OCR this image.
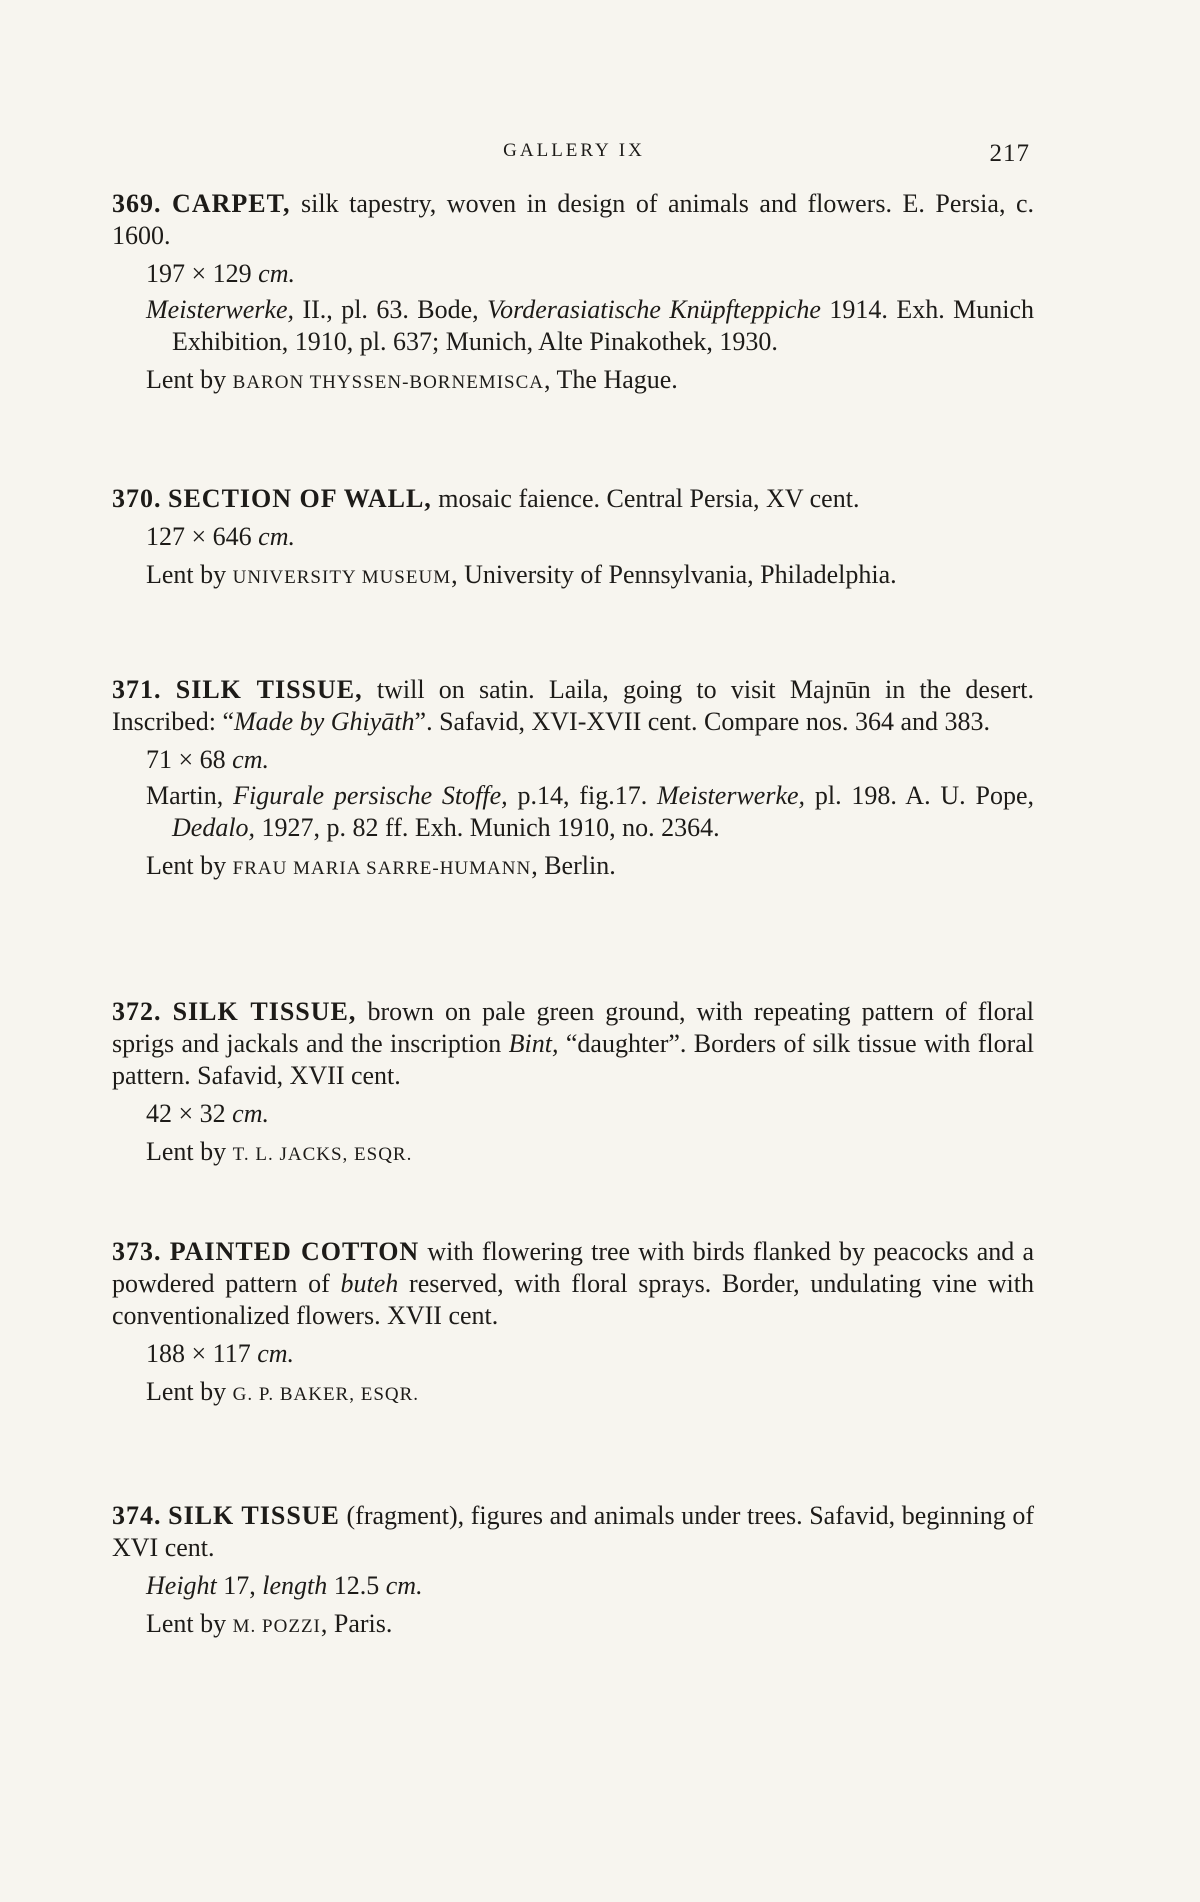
GALLERY IX	217

369. CARPET, silk tapestry, woven in design of animals and flowers. E. Persia, c. 1600.

197 × 129 cm.

Meisterwerke, II., pl. 63. Bode, Vorderasiatische Knüpfteppiche 1914. Exh. Munich Exhibition, 1910, pl. 637; Munich, Alte Pinakothek, 1930.

Lent by BARON THYSSEN-BORNEMISCA, The Hague.

370. SECTION OF WALL, mosaic faience. Central Persia, XV cent.

127 × 646 cm.

Lent by UNIVERSITY MUSEUM, University of Pennsylvania, Philadelphia.

371. SILK TISSUE, twill on satin. Laila, going to visit Majnūn in the desert. Inscribed: “Made by Ghiyāth”. Safavid, XVI-XVII cent. Compare nos. 364 and 383.

71 × 68 cm.

Martin, Figurale persische Stoffe, p.14, fig.17. Meisterwerke, pl. 198. A. U. Pope, Dedalo, 1927, p. 82 ff. Exh. Munich 1910, no. 2364.

Lent by FRAU MARIA SARRE-HUMANN, Berlin.

372. SILK TISSUE, brown on pale green ground, with repeating pattern of floral sprigs and jackals and the inscription Bint, “daughter”. Borders of silk tissue with floral pattern. Safavid, XVII cent.

42 × 32 cm.

Lent by T. L. JACKS, ESQR.

373. PAINTED COTTON with flowering tree with birds flanked by peacocks and a powdered pattern of buteh reserved, with floral sprays. Border, undulating vine with conventionalized flowers. XVII cent.

188 × 117 cm.

Lent by G. P. BAKER, ESQR.

374. SILK TISSUE (fragment), figures and animals under trees. Safavid, beginning of XVI cent.

Height 17, length 12.5 cm.

Lent by M. POZZI, Paris.
